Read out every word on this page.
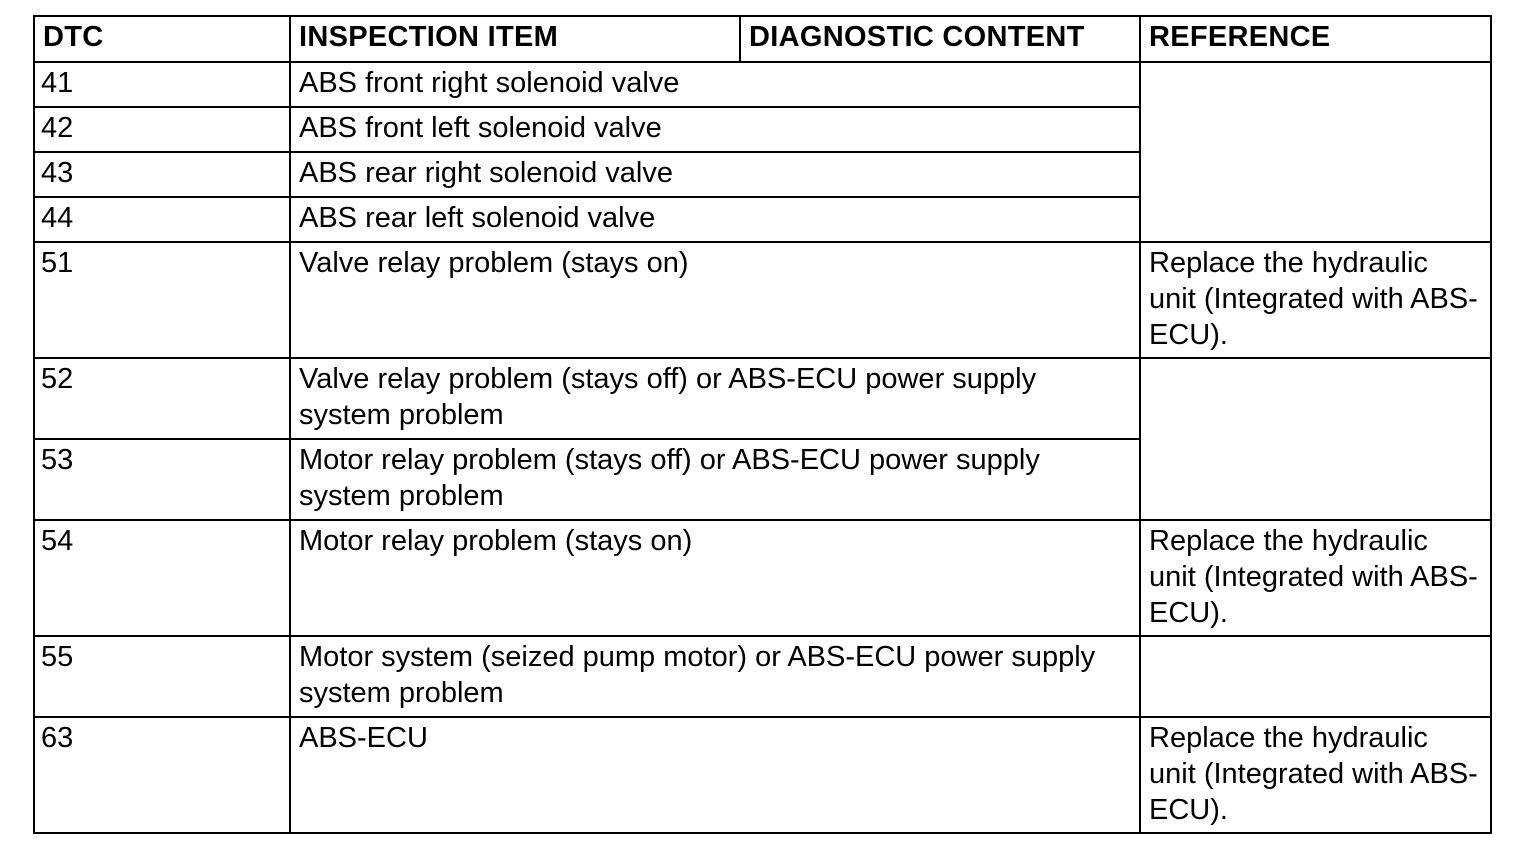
DTC	INSPECTION ITEM	DIAGNOSTIC CONTENT	REFERENCE
41	ABS front right solenoid valve		
42	ABS front left solenoid valve		
43	ABS rear right solenoid valve		
44	ABS rear left solenoid valve		
51	Valve relay problem (stays on)		Replace the hydraulic unit (Integrated with ABS-ECU).
52	Valve relay problem (stays off) or ABS-ECU power supply system problem		
53	Motor relay problem (stays off) or ABS-ECU power supply system problem		
54	Motor relay problem (stays on)		Replace the hydraulic unit (Integrated with ABS-ECU).
55	Motor system (seized pump motor) or ABS-ECU power supply system problem		
63	ABS-ECU		Replace the hydraulic unit (Integrated with ABS-ECU).
